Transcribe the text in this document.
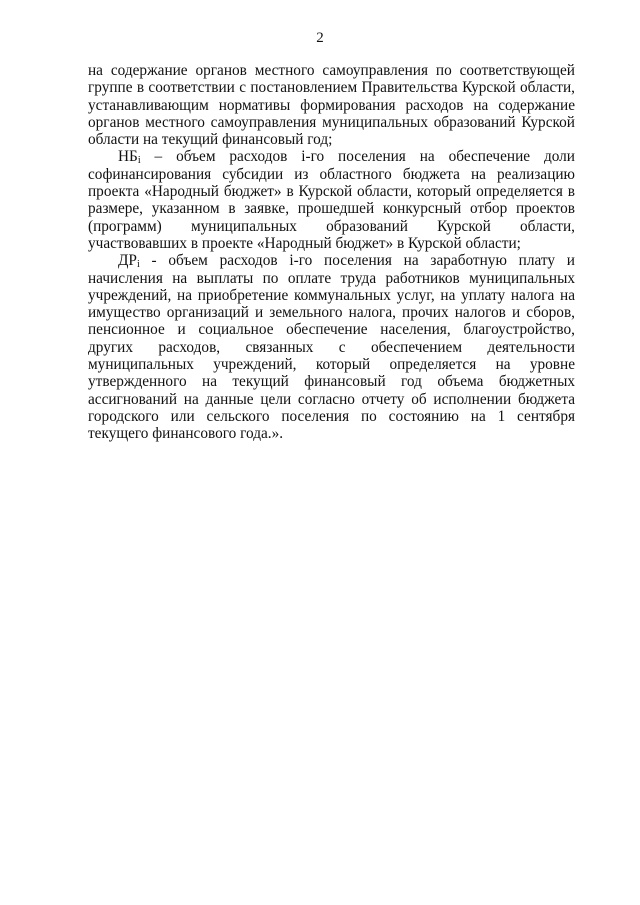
2

на содержание органов местного самоуправления по соответствующей группе в соответствии с постановлением Правительства Курской области, устанавливающим нормативы формирования расходов на содержание органов местного самоуправления муниципальных образований Курской области на текущий финансовый год;

$НБ_i$ – объем расходов i-го поселения на обеспечение доли софинансирования субсидии из областного бюджета на реализацию проекта «Народный бюджет» в Курской области, который определяется в размере, указанном в заявке, прошедшей конкурсный отбор проектов (программ) муниципальных образований Курской области, участвовавших в проекте «Народный бюджет» в Курской области;

$ДР_i$ - объем расходов i-го поселения на заработную плату и начисления на выплаты по оплате труда работников муниципальных учреждений, на приобретение коммунальных услуг, на уплату налога на имущество организаций и земельного налога, прочих налогов и сборов, пенсионное и социальное обеспечение населения, благоустройство, других расходов, связанных с обеспечением деятельности муниципальных учреждений, который определяется на уровне утвержденного на текущий финансовый год объема бюджетных ассигнований на данные цели согласно отчету об исполнении бюджета городского или сельского поселения по состоянию на 1 сентября текущего финансового года.».
